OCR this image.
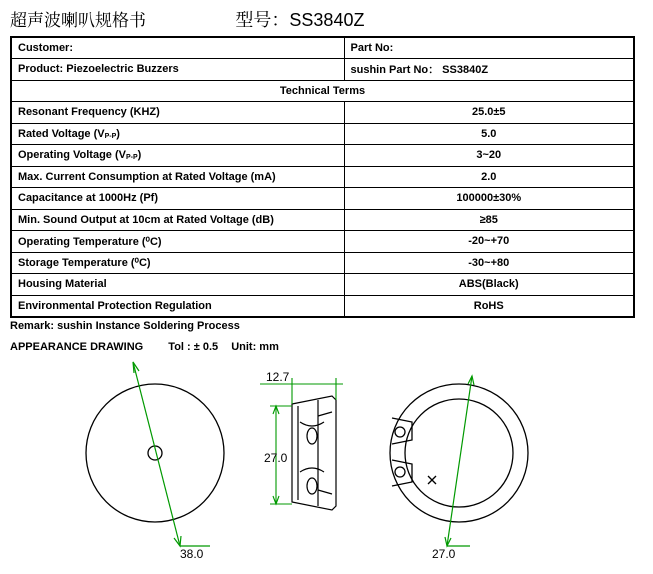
超声波喇叭规格书	型号：SS3840Z
Customer:	Part No:
Product: Piezoelectric Buzzers	sushin Part No： SS3840Z
Technical Terms	
Resonant Frequency (KHZ)	25.0±5
Rated Voltage $(V_{P-P})$	5.0
Operating Voltage $(V_{P-P})$	3~20
Max. Current Consumption at Rated Voltage (mA)	2.0
Capacitance at 1000Hz (Pf)	100000±30%
Min. Sound Output at 10cm at Rated Voltage (dB)	≥85
Operating Temperature (⁰C)	-20~+70
Storage Temperature (⁰C)	-30~+80
Housing Material	ABS(Black)
Environmental Protection Regulation	RoHS
Remark: sushin Instance Soldering Process
APPEARANCE DRAWING Tol : ± 0.5 Unit: mm
38.0
12.7
27.0
27.0
